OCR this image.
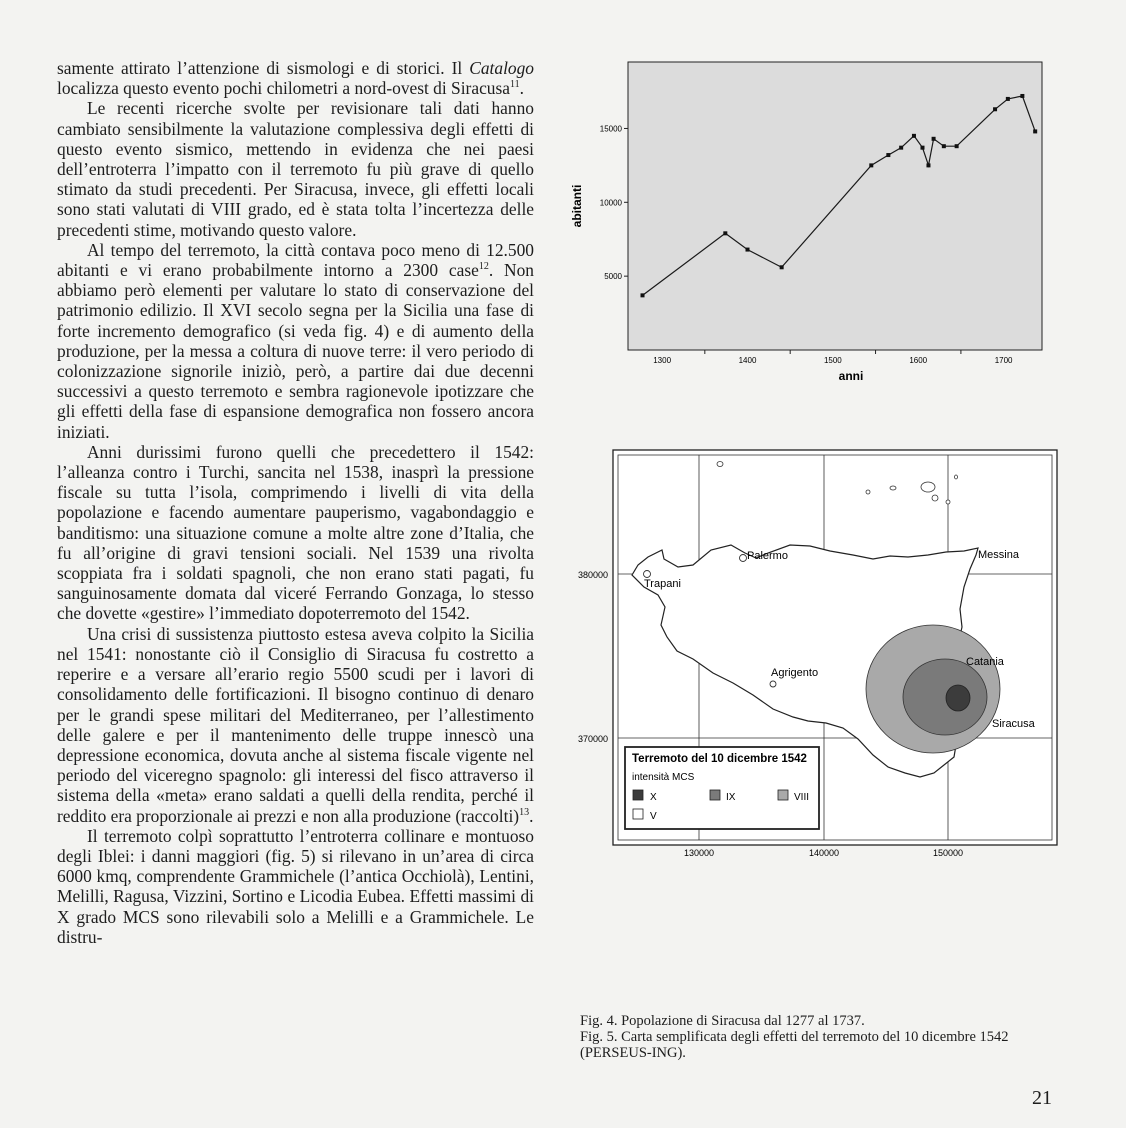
samente attirato l’attenzione di sismologi e di storici. Il Catalogo localizza questo evento pochi chilometri a nord-ovest di Siracusa$^{11}$.

Le recenti ricerche svolte per revisionare tali dati hanno cambiato sensibilmente la valutazione complessiva degli effetti di questo evento sismico, mettendo in evidenza che nei paesi dell’entroterra l’impatto con il terremoto fu più grave di quello stimato da studi precedenti. Per Siracusa, invece, gli effetti locali sono stati valutati di VIII grado, ed è stata tolta l’incertezza delle precedenti stime, motivando questo valore.

Al tempo del terremoto, la città contava poco meno di 12.500 abitanti e vi erano probabilmente intorno a 2300 case$^{12}$. Non abbiamo però elementi per valutare lo stato di conservazione del patrimonio edilizio. Il XVI secolo segna per la Sicilia una fase di forte incremento demografico (si veda fig. 4) e di aumento della produzione, per la messa a coltura di nuove terre: il vero periodo di colonizzazione signorile iniziò, però, a partire dai due decenni successivi a questo terremoto e sembra ragionevole ipotizzare che gli effetti della fase di espansione demografica non fossero ancora iniziati.

Anni durissimi furono quelli che precedettero il 1542: l’alleanza contro i Turchi, sancita nel 1538, inasprì la pressione fiscale su tutta l’isola, comprimendo i livelli di vita della popolazione e facendo aumentare pauperismo, vagabondaggio e banditismo: una situazione comune a molte altre zone d’Italia, che fu all’origine di gravi tensioni sociali. Nel 1539 una rivolta scoppiata fra i soldati spagnoli, che non erano stati pagati, fu sanguinosamente domata dal viceré Ferrando Gonzaga, lo stesso che dovette «gestire» l’immediato dopoterremoto del 1542.

Una crisi di sussistenza piuttosto estesa aveva colpito la Sicilia nel 1541: nonostante ciò il Consiglio di Siracusa fu costretto a reperire e a versare all’erario regio 5500 scudi per i lavori di consolidamento delle fortificazioni. Il bisogno continuo di denaro per le grandi spese militari del Mediterraneo, per l’allestimento delle galere e per il mantenimento delle truppe innescò una depressione economica, dovuta anche al sistema fiscale vigente nel periodo del viceregno spagnolo: gli interessi del fisco attraverso il sistema della «meta» erano saldati a quelli della rendita, perché il reddito era proporzionale ai prezzi e non alla produzione (raccolti)$^{13}$.

Il terremoto colpì soprattutto l’entroterra collinare e montuoso degli Iblei: i danni maggiori (fig. 5) si rilevano in un’area di circa 6000 kmq, comprendente Grammichele (l’antica Occhiolà), Lentini, Melilli, Ragusa, Vizzini, Sortino e Licodia Eubea. Effetti massimi di X grado MCS sono rilevabili solo a Melilli e a Grammichele. Le distru-

5000
10000
15000
1300	1400	1500	1600	1700
abitanti
anni
Palermo
Trapani
Messina
Agrigento
Catania
Siracusa
380000
370000
130000	140000	150000
Terremoto del 10 dicembre 1542
intensità MCS
X	IX	VIII
V

Fig. 4. Popolazione di Siracusa dal 1277 al 1737.

Fig. 5. Carta semplificata degli effetti del terremoto del 10 dicembre 1542 (PERSEUS-ING).

21
